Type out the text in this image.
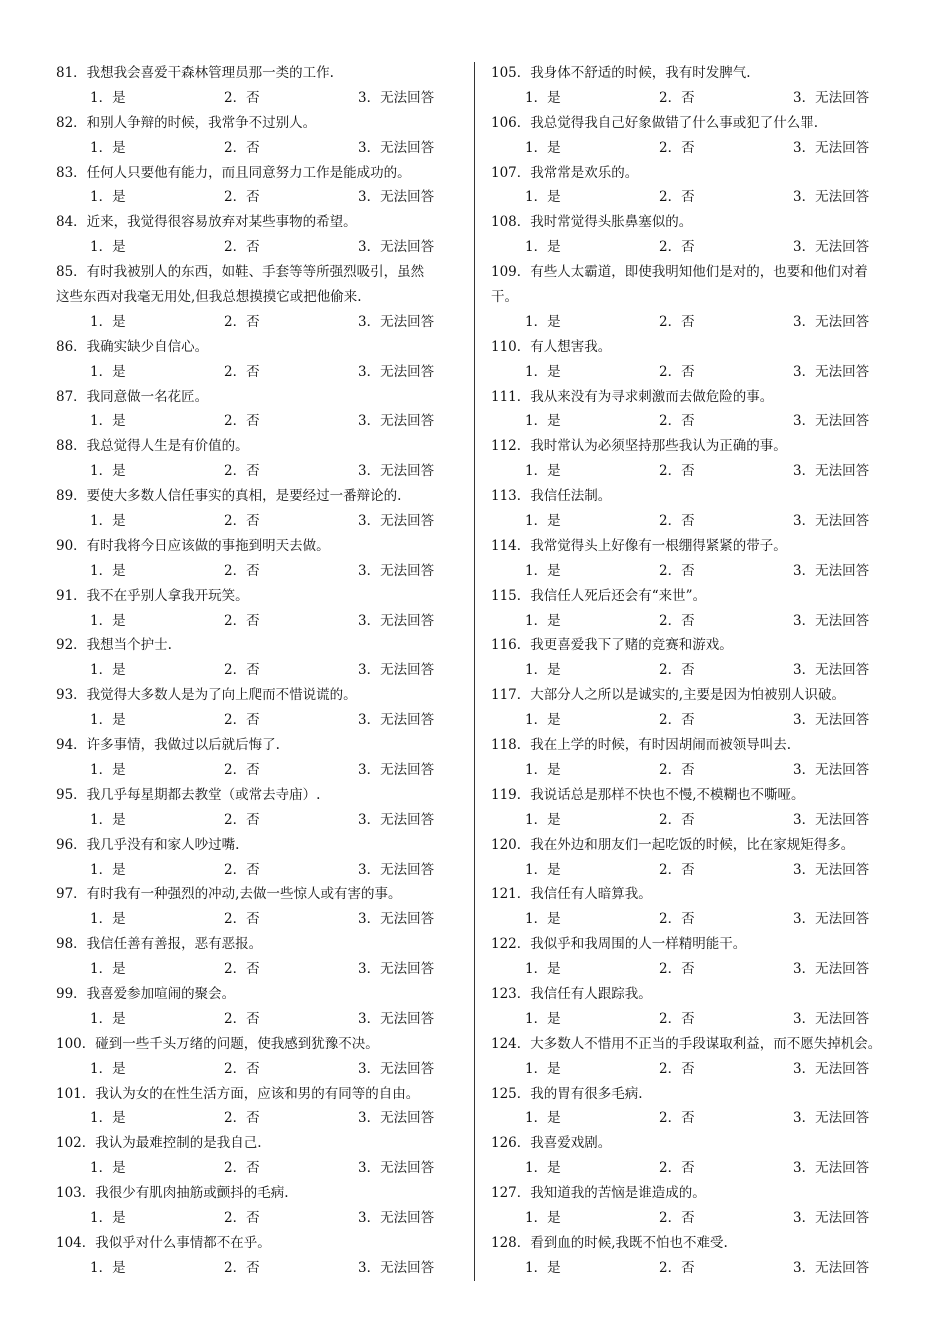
81．我想我会喜爱干森林管理员那一类的工作.
1．是	2．否	3．无法回答
82．和别人争辩的时候，我常争不过别人。
1．是	2．否	3．无法回答
83．任何人只要他有能力，而且同意努力工作是能成功的。
1．是	2．否	3．无法回答
84．近来，我觉得很容易放弃对某些事物的希望。
1．是	2．否	3．无法回答
85．有时我被别人的东西，如鞋、手套等等所强烈吸引，虽然
这些东西对我毫无用处,但我总想摸摸它或把他偷来.
1．是	2．否	3．无法回答
86．我确实缺少自信心。
1．是	2．否	3．无法回答
87．我同意做一名花匠。
1．是	2．否	3．无法回答
88．我总觉得人生是有价值的。
1．是	2．否	3．无法回答
89．要使大多数人信任事实的真相，是要经过一番辩论的.
1．是	2．否	3．无法回答
90．有时我将今日应该做的事拖到明天去做。
1．是	2．否	3．无法回答
91．我不在乎别人拿我开玩笑。
1．是	2．否	3．无法回答
92．我想当个护士.
1．是	2．否	3．无法回答
93．我觉得大多数人是为了向上爬而不惜说谎的。
1．是	2．否	3．无法回答
94．许多事情，我做过以后就后悔了.
1．是	2．否	3．无法回答
95．我几乎每星期都去教堂（或常去寺庙）.
1．是	2．否	3．无法回答
96．我几乎没有和家人吵过嘴.
1．是	2．否	3．无法回答
97．有时我有一种强烈的冲动,去做一些惊人或有害的事。
1．是	2．否	3．无法回答
98．我信任善有善报，恶有恶报。
1．是	2．否	3．无法回答
99．我喜爱参加喧闹的聚会。
1．是	2．否	3．无法回答
100．碰到一些千头万绪的问题，使我感到犹豫不决。
1．是	2．否	3．无法回答
101．我认为女的在性生活方面，应该和男的有同等的自由。
1．是	2．否	3．无法回答
102．我认为最难控制的是我自己.
1．是	2．否	3．无法回答
103．我很少有肌肉抽筋或颤抖的毛病.
1．是	2．否	3．无法回答
104．我似乎对什么事情都不在乎。
1．是	2．否	3．无法回答
105．我身体不舒适的时候，我有时发脾气.
1．是	2．否	3．无法回答
106．我总觉得我自己好象做错了什么事或犯了什么罪.
1．是	2．否	3．无法回答
107．我常常是欢乐的。
1．是	2．否	3．无法回答
108．我时常觉得头胀鼻塞似的。
1．是	2．否	3．无法回答
109．有些人太霸道，即使我明知他们是对的，也要和他们对着
干。
1．是	2．否	3．无法回答
110．有人想害我。
1．是	2．否	3．无法回答
111．我从来没有为寻求刺激而去做危险的事。
1．是	2．否	3．无法回答
112．我时常认为必须坚持那些我认为正确的事。
1．是	2．否	3．无法回答
113．我信任法制。
1．是	2．否	3．无法回答
114．我常觉得头上好像有一根绷得紧紧的带子。
1．是	2．否	3．无法回答
115．我信任人死后还会有“来世”。
1．是	2．否	3．无法回答
116．我更喜爱我下了赌的竞赛和游戏。
1．是	2．否	3．无法回答
117．大部分人之所以是诚实的,主要是因为怕被别人识破。
1．是	2．否	3．无法回答
118．我在上学的时候，有时因胡闹而被领导叫去.
1．是	2．否	3．无法回答
119．我说话总是那样不快也不慢,不模糊也不嘶哑。
1．是	2．否	3．无法回答
120．我在外边和朋友们一起吃饭的时候，比在家规矩得多。
1．是	2．否	3．无法回答
121．我信任有人暗算我。
1．是	2．否	3．无法回答
122．我似乎和我周围的人一样精明能干。
1．是	2．否	3．无法回答
123．我信任有人跟踪我。
1．是	2．否	3．无法回答
124．大多数人不惜用不正当的手段谋取利益，而不愿失掉机会。
1．是	2．否	3．无法回答
125．我的胃有很多毛病.
1．是	2．否	3．无法回答
126．我喜爱戏剧。
1．是	2．否	3．无法回答
127．我知道我的苦恼是谁造成的。
1．是	2．否	3．无法回答
128．看到血的时候,我既不怕也不难受.
1．是	2．否	3．无法回答
